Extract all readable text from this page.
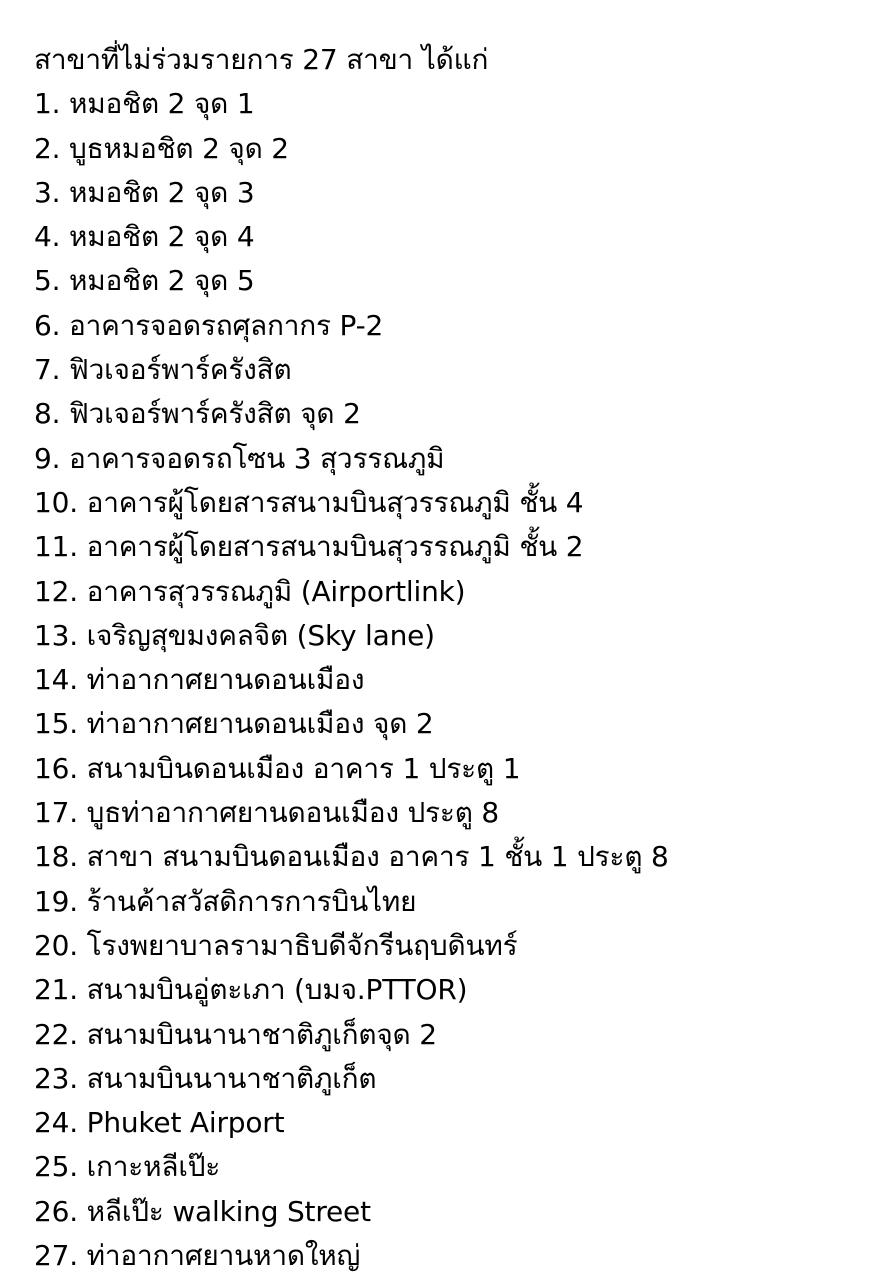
สาขาที่ไม่ร่วมรายการ 27 สาขา ได้แก่
1. หมอชิต 2 จุด 1
2. บูธหมอชิต 2 จุด 2
3. หมอชิต 2 จุด 3
4. หมอชิต 2 จุด 4
5. หมอชิต 2 จุด 5
6. อาคารจอดรถศุลกากร P-2
7. ฟิวเจอร์พาร์ครังสิต
8. ฟิวเจอร์พาร์ครังสิต จุด 2
9. อาคารจอดรถโซน 3 สุวรรณภูมิ
10. อาคารผู้โดยสารสนามบินสุวรรณภูมิ ชั้น 4
11. อาคารผู้โดยสารสนามบินสุวรรณภูมิ ชั้น 2
12. อาคารสุวรรณภูมิ (Airportlink)
13. เจริญสุขมงคลจิต (Sky lane)
14. ท่าอากาศยานดอนเมือง
15. ท่าอากาศยานดอนเมือง จุด 2
16. สนามบินดอนเมือง อาคาร 1 ประตู 1
17. บูธท่าอากาศยานดอนเมือง ประตู 8
18. สาขา สนามบินดอนเมือง อาคาร 1 ชั้น 1 ประตู 8
19. ร้านค้าสวัสดิการการบินไทย
20. โรงพยาบาลรามาธิบดีจักรีนฤบดินทร์
21. สนามบินอู่ตะเภา (บมจ.PTTOR)
22. สนามบินนานาชาติภูเก็ตจุด 2
23. สนามบินนานาชาติภูเก็ต
24. Phuket Airport
25. เกาะหลีเป๊ะ
26. หลีเป๊ะ walking Street
27. ท่าอากาศยานหาดใหญ่
